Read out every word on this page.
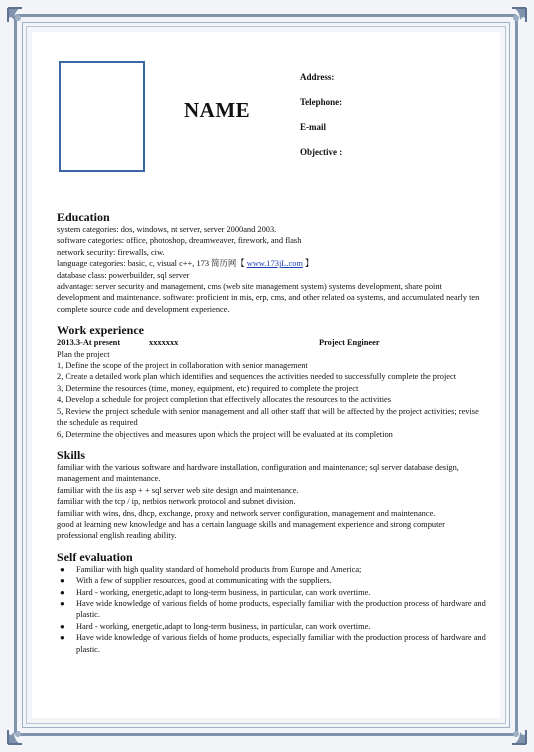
NAME
Address:
Telephone:
E-mail
Objective :
Education
system categories: dos, windows, nt server, server 2000and 2003.
software categories: office, photoshop, dreamweaver, firework, and flash
network security: firewalls, ciw.
language categories: basic, c, visual c++, 173 简历网【 www.173jL.com 】
database class: powerbuilder, sql server
advantage: server security and management, cms (web site management system) systems development, share point development and maintenance. software: proficient in mis, erp, cms, and other related oa systems, and accumulated nearly ten complete source code and development experience.
Work experience
2013.3-At present	xxxxxxx	Project Engineer
Plan the project
1, Define the scope of the project in collaboration with senior management
2, Create a detailed work plan which identifies and sequences the activities needed to successfully complete the project
3, Determine the resources (time, money, equipment, etc) required to complete the project
4, Develop a schedule for project completion that effectively allocates the resources to the activities
5, Review the project schedule with senior management and all other staff that will be affected by the project activities; revise the schedule as required
6, Determine the objectives and measures upon which the project will be evaluated at its completion
Skills
familiar with the various software and hardware installation, configuration and maintenance; sql server database design, management and maintenance.
familiar with the iis asp + + sql server web site design and maintenance.
familiar with the tcp / ip, netbios network protocol and subnet division.
familiar with wins, dns, dhcp, exchange, proxy and network server configuration, management and maintenance.
good at learning new knowledge and has a certain language skills and management experience and strong computer professional english reading ability.
Self evaluation
● Familiar with high quality standard of homehold products from Europe and America;
● With a few of supplier resources, good at communicating with the suppliers.
● Hard - working, energetic,adapt to long-term business, in particular, can work overtime.
● Have wide knowledge of various fields of home products, especially familiar with the production process of hardware and plastic.
● Hard - working, energetic,adapt to long-term business, in particular, can work overtime.
● Have wide knowledge of various fields of home products, especially familiar with the production process of hardware and plastic.
